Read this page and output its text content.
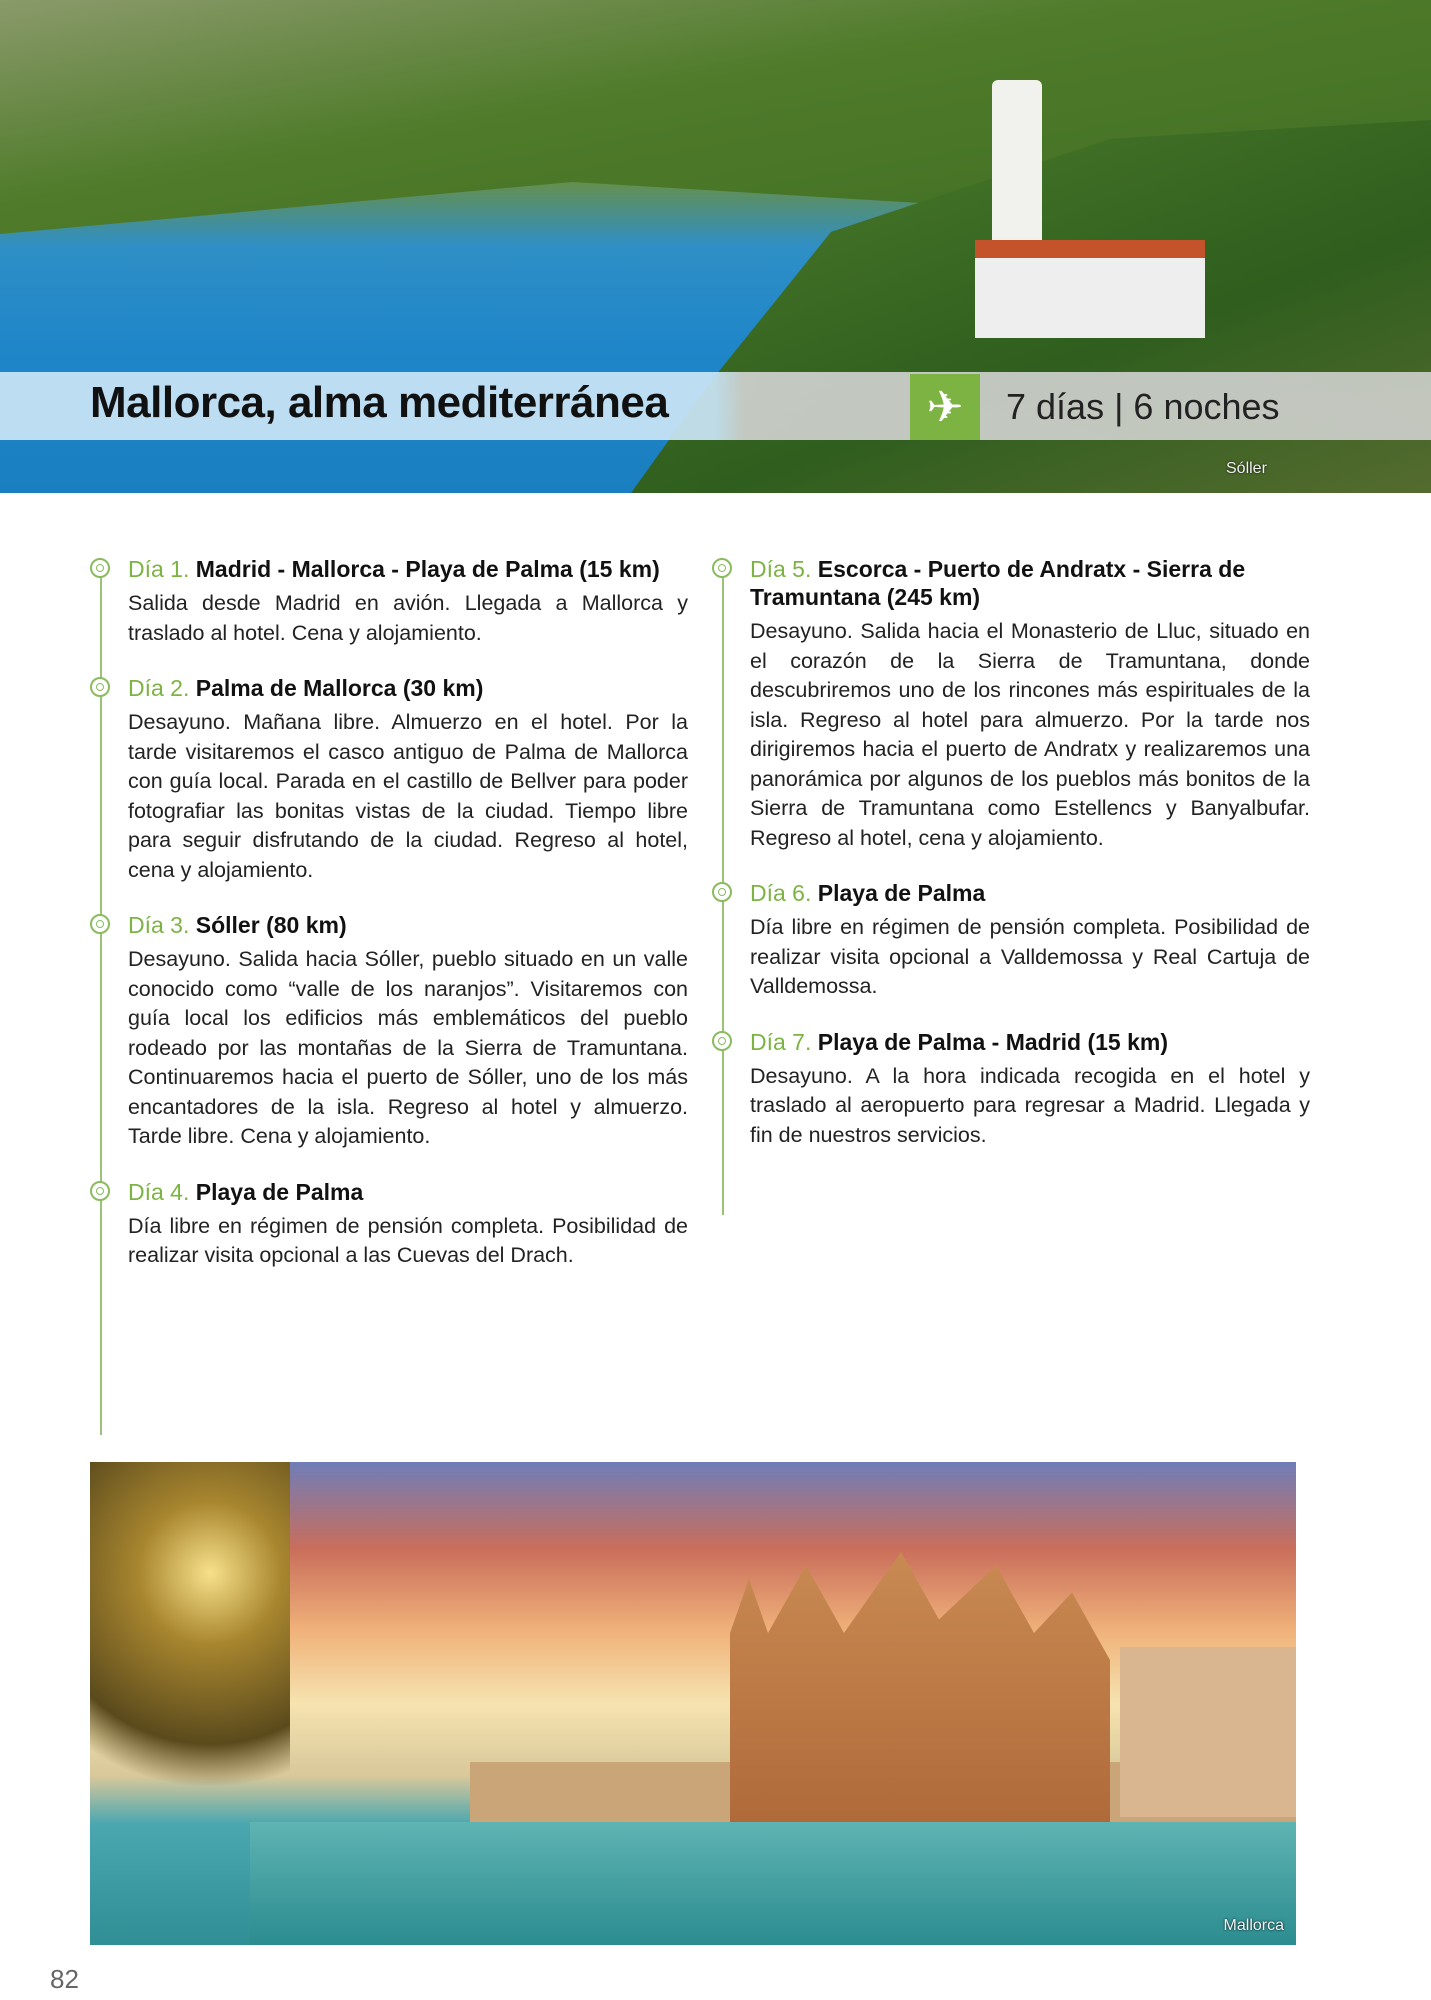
Mallorca, alma mediterránea	✈	7 días | 6 noches
Sóller
Día 1. Madrid - Mallorca - Playa de Palma (15 km)

Salida desde Madrid en avión. Llegada a Mallorca y traslado al hotel. Cena y alojamiento.

Día 2. Palma de Mallorca (30 km)

Desayuno. Mañana libre. Almuerzo en el hotel. Por la tarde visitaremos el casco antiguo de Palma de Mallorca con guía local. Parada en el castillo de Bellver para poder fotografiar las bonitas vistas de la ciudad. Tiempo libre para seguir disfrutando de la ciudad. Regreso al hotel, cena y alojamiento.

Día 3. Sóller (80 km)

Desayuno. Salida hacia Sóller, pueblo situado en un valle conocido como “valle de los naranjos”. Visitaremos con guía local los edificios más emblemáticos del pueblo rodeado por las montañas de la Sierra de Tramuntana. Continuaremos hacia el puerto de Sóller, uno de los más encantadores de la isla. Regreso al hotel y almuerzo. Tarde libre. Cena y alojamiento.

Día 4. Playa de Palma

Día libre en régimen de pensión completa. Posibilidad de realizar visita opcional a las Cuevas del Drach.

Día 5. Escorca - Puerto de Andratx - Sierra de Tramuntana (245 km)

Desayuno. Salida hacia el Monasterio de Lluc, situado en el corazón de la Sierra de Tramuntana, donde descubriremos uno de los rincones más espirituales de la isla. Regreso al hotel para almuerzo. Por la tarde nos dirigiremos hacia el puerto de Andratx y realizaremos una panorámica por algunos de los pueblos más bonitos de la Sierra de Tramuntana como Estellencs y Banyalbufar. Regreso al hotel, cena y alojamiento.

Día 6. Playa de Palma

Día libre en régimen de pensión completa. Posibilidad de realizar visita opcional a Valldemossa y Real Cartuja de Valldemossa.

Día 7. Playa de Palma - Madrid (15 km)

Desayuno. A la hora indicada recogida en el hotel y traslado al aeropuerto para regresar a Madrid. Llegada y fin de nuestros servicios.

Mallorca
82
